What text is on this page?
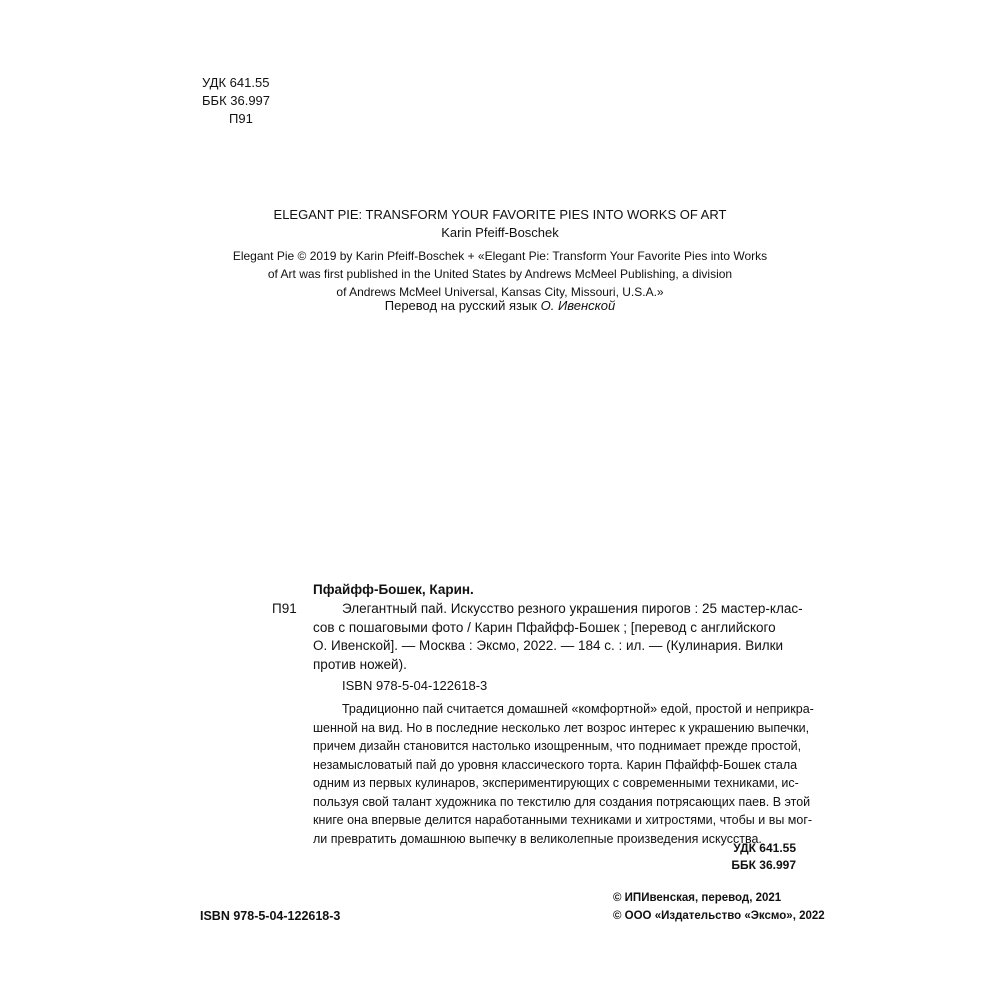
УДК 641.55
ББК 36.997
П91
ELEGANT PIE: TRANSFORM YOUR FAVORITE PIES INTO WORKS OF ART
Karin Pfeiff-Boschek
Elegant Pie © 2019 by Karin Pfeiff-Boschek + «Elegant Pie: Transform Your Favorite Pies into Works
of Art was first published in the United States by Andrews McMeel Publishing, a division
of Andrews McMeel Universal, Kansas City, Missouri, U.S.A.»
Перевод на русский язык О. Ивенской
Пфайфф-Бошек, Карин.
П91	Элегантный пай. Искусство резного украшения пирогов : 25 мастер-клас-
сов с пошаговыми фото / Карин Пфайфф-Бошек ; [перевод с английского
О. Ивенской]. — Москва : Эксмо, 2022. — 184 с. : ил. — (Кулинария. Вилки
против ножей).
ISBN 978-5-04-122618-3
Традиционно пай считается домашней «комфортной» едой, простой и неприкра-
шенной на вид. Но в последние несколько лет возрос интерес к украшению выпечки,
причем дизайн становится настолько изощренным, что поднимает прежде простой,
незамысловатый пай до уровня классического торта. Карин Пфайфф-Бошек стала
одним из первых кулинаров, экспериментирующих с современными техниками, ис-
пользуя свой талант художника по текстилю для создания потрясающих паев. В этой
книге она впервые делится наработанными техниками и хитростями, чтобы и вы мог-
ли превратить домашнюю выпечку в великолепные произведения искусства.
УДК 641.55
ББК 36.997
ISBN 978-5-04-122618-3
© ИПИвенская, перевод, 2021
© ООО «Издательство «Эксмо», 2022
